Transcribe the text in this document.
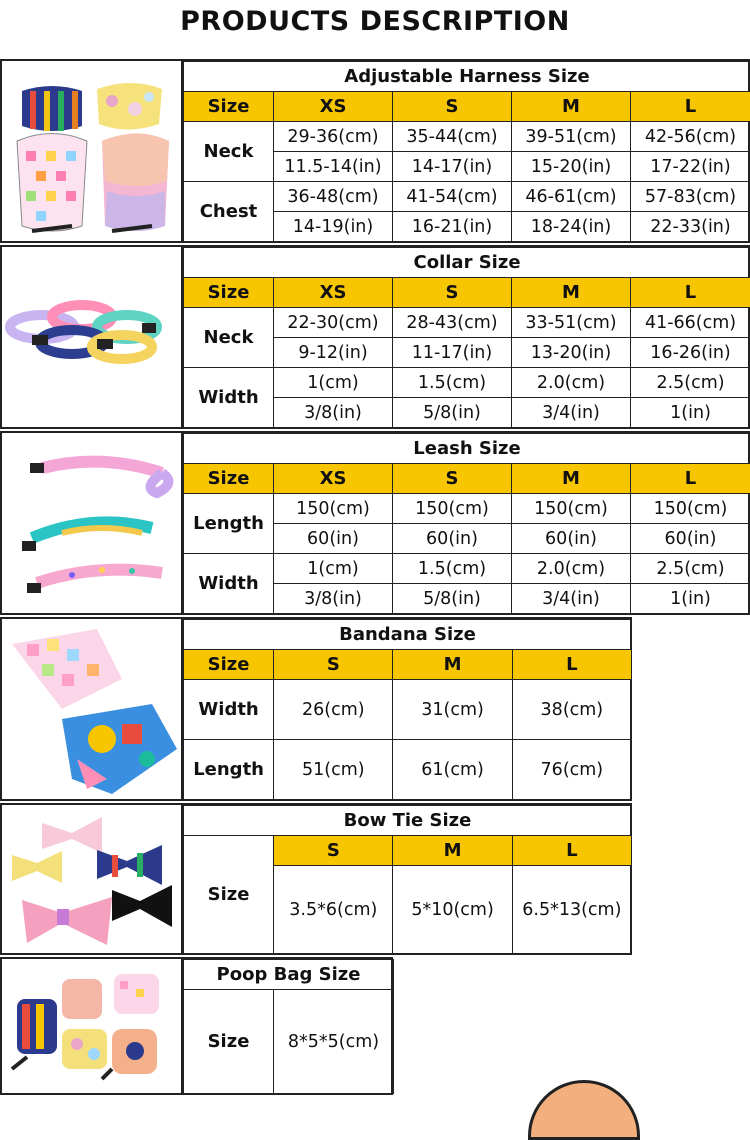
PRODUCTS DESCRIPTION
Adjustable Harness Size				
Size	XS	S	M	L
Neck	29-36(cm)	35-44(cm)	39-51(cm)	42-56(cm)
	11.5-14(in)	14-17(in)	15-20(in)	17-22(in)
Chest	36-48(cm)	41-54(cm)	46-61(cm)	57-83(cm)
	14-19(in)	16-21(in)	18-24(in)	22-33(in)
Collar Size				
Size	XS	S	M	L
Neck	22-30(cm)	28-43(cm)	33-51(cm)	41-66(cm)
	9-12(in)	11-17(in)	13-20(in)	16-26(in)
Width	1(cm)	1.5(cm)	2.0(cm)	2.5(cm)
	3/8(in)	5/8(in)	3/4(in)	1(in)
Leash Size				
Size	XS	S	M	L
Length	150(cm)	150(cm)	150(cm)	150(cm)
	60(in)	60(in)	60(in)	60(in)
Width	1(cm)	1.5(cm)	2.0(cm)	2.5(cm)
	3/8(in)	5/8(in)	3/4(in)	1(in)
Bandana Size			
Size	S	M	L
Width	26(cm)	31(cm)	38(cm)
Length	51(cm)	61(cm)	76(cm)
Bow Tie Size			
Size	S	M	L
	3.5*6(cm)	5*10(cm)	6.5*13(cm)
Poop Bag Size
Size	8*5*5(cm)
